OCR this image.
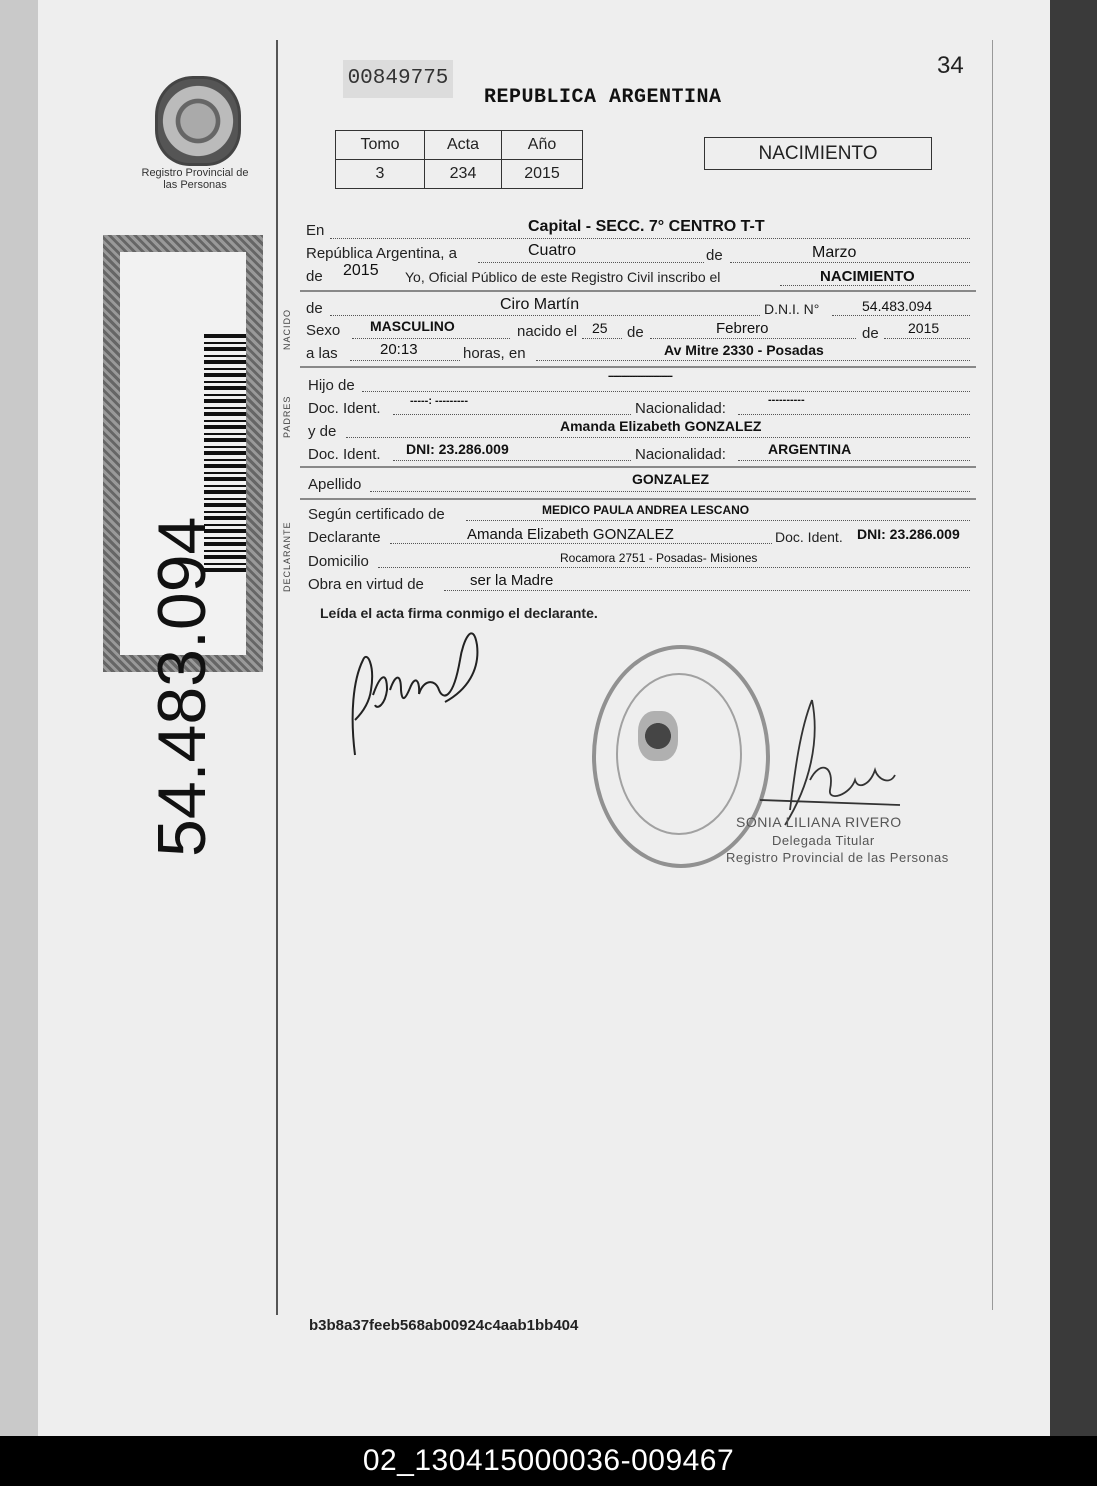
Registro Provincial de las Personas
00849775
REPUBLICA ARGENTINA
34
Tomo	Acta	Año
3	234	2015
NACIMIENTO
En	Capital - SECC. 7° CENTRO T-T
República Argentina, a	Cuatro	de	Marzo
de 2015 Yo, Oficial Público de este Registro Civil inscribo el	NACIMIENTO
NACIDO
de	Ciro Martín	D.N.I. N°	54.483.094
Sexo MASCULINO	nacido el 25 de	Febrero	de 2015
a las	20:13	horas, en	Av Mitre 2330 - Posadas
PADRES
Hijo de
------------------------
Doc. Ident.	-----: ---------	Nacionalidad:	----------
y de	Amanda Elizabeth GONZALEZ
Doc. Ident. DNI: 23.286.009	Nacionalidad:	ARGENTINA
Apellido	GONZALEZ
DECLARANTE
Según certificado de	MEDICO PAULA ANDREA LESCANO
Declarante	Amanda Elizabeth GONZALEZ	Doc. Ident. DNI: 23.286.009
Domicilio	Rocamora 2751 - Posadas- Misiones
Obra en virtud de	ser la Madre
Leída el acta firma conmigo el declarante.
SONIA LILIANA RIVERO
Delegada Titular
Registro Provincial de las Personas
b3b8a37feeb568ab00924c4aab1bb404
02_130415000036-009467
